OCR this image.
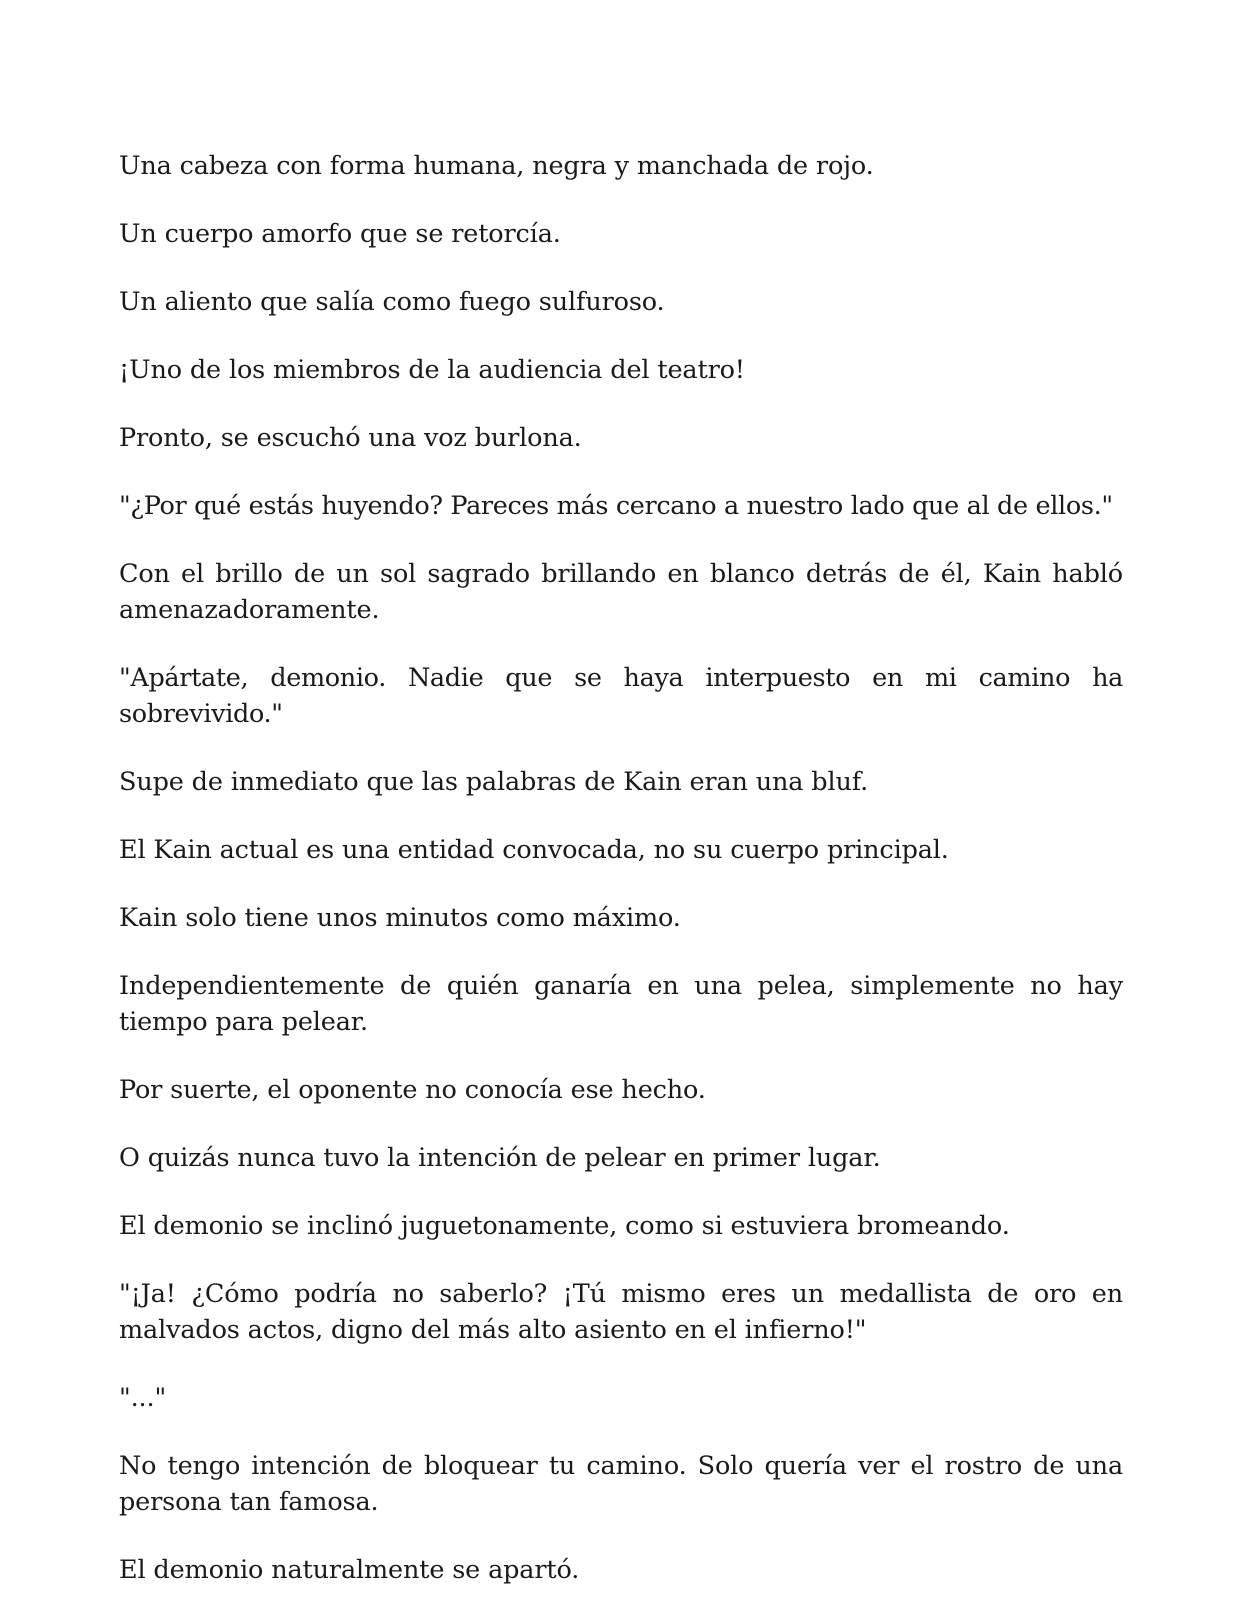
Una cabeza con forma humana, negra y manchada de rojo.

Un cuerpo amorfo que se retorcía.

Un aliento que salía como fuego sulfuroso.

¡Uno de los miembros de la audiencia del teatro!

Pronto, se escuchó una voz burlona.

"¿Por qué estás huyendo? Pareces más cercano a nuestro lado que al de ellos."

Con el brillo de un sol sagrado brillando en blanco detrás de él, Kain habló amenazadoramente.

"Apártate, demonio. Nadie que se haya interpuesto en mi camino ha sobrevivido."

Supe de inmediato que las palabras de Kain eran una bluf.

El Kain actual es una entidad convocada, no su cuerpo principal.

Kain solo tiene unos minutos como máximo.

Independientemente de quién ganaría en una pelea, simplemente no hay tiempo para pelear.

Por suerte, el oponente no conocía ese hecho.

O quizás nunca tuvo la intención de pelear en primer lugar.

El demonio se inclinó juguetonamente, como si estuviera bromeando.

"¡Ja! ¿Cómo podría no saberlo? ¡Tú mismo eres un medallista de oro en malvados actos, digno del más alto asiento en el infierno!"

"..."

No tengo intención de bloquear tu camino. Solo quería ver el rostro de una persona tan famosa.

El demonio naturalmente se apartó.
